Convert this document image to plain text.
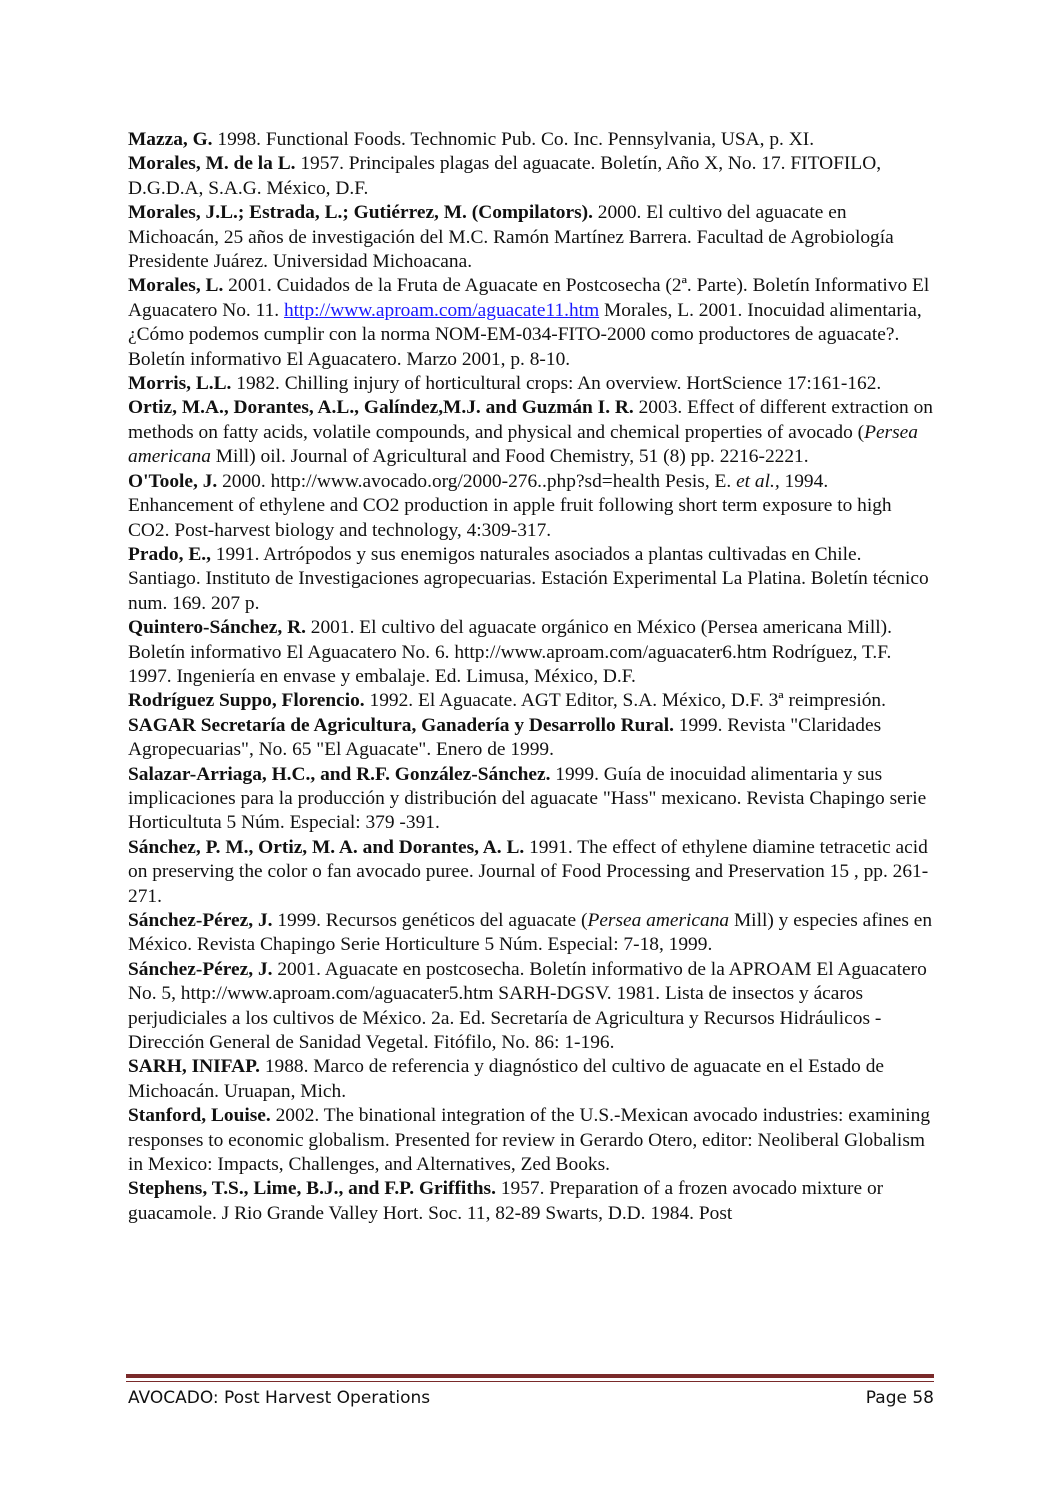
Mazza, G. 1998. Functional Foods. Technomic Pub. Co. Inc. Pennsylvania, USA, p. XI.

Morales, M. de la L. 1957. Principales plagas del aguacate. Boletín, Año X, No. 17. FITOFILO, D.G.D.A, S.A.G. México, D.F.

Morales, J.L.; Estrada, L.; Gutiérrez, M. (Compilators). 2000. El cultivo del aguacate en Michoacán, 25 años de investigación del M.C. Ramón Martínez Barrera. Facultad de Agrobiología Presidente Juárez. Universidad Michoacana.

Morales, L. 2001. Cuidados de la Fruta de Aguacate en Postcosecha (2ª. Parte). Boletín Informativo El Aguacatero No. 11. http://www.aproam.com/aguacate11.htm Morales, L. 2001. Inocuidad alimentaria, ¿Cómo podemos cumplir con la norma NOM-EM-034-FITO-2000 como productores de aguacate?. Boletín informativo El Aguacatero. Marzo 2001, p. 8-10.

Morris, L.L. 1982. Chilling injury of horticultural crops: An overview. HortScience 17:161-162.

Ortiz, M.A., Dorantes, A.L., Galíndez,M.J. and Guzmán I. R. 2003. Effect of different extraction on methods on fatty acids, volatile compounds, and physical and chemical properties of avocado (Persea americana Mill) oil. Journal of Agricultural and Food Chemistry, 51 (8) pp. 2216-2221.

O'Toole, J. 2000. http://www.avocado.org/2000-276..php?sd=health Pesis, E. et al., 1994. Enhancement of ethylene and CO2 production in apple fruit following short term exposure to high CO2. Post-harvest biology and technology, 4:309-317.

Prado, E., 1991. Artrópodos y sus enemigos naturales asociados a plantas cultivadas en Chile. Santiago. Instituto de Investigaciones agropecuarias. Estación Experimental La Platina. Boletín técnico num. 169. 207 p.

Quintero-Sánchez, R. 2001. El cultivo del aguacate orgánico en México (Persea americana Mill). Boletín informativo El Aguacatero No. 6. http://www.aproam.com/aguacater6.htm Rodríguez, T.F. 1997. Ingeniería en envase y embalaje. Ed. Limusa, México, D.F.

Rodríguez Suppo, Florencio. 1992. El Aguacate. AGT Editor, S.A. México, D.F. 3ª reimpresión.

SAGAR Secretaría de Agricultura, Ganadería y Desarrollo Rural. 1999. Revista "Claridades Agropecuarias", No. 65 "El Aguacate". Enero de 1999.

Salazar-Arriaga, H.C., and R.F. González-Sánchez. 1999. Guía de inocuidad alimentaria y sus implicaciones para la producción y distribución del aguacate "Hass" mexicano. Revista Chapingo serie Horticultuta 5 Núm. Especial: 379 -391.

Sánchez, P. M., Ortiz, M. A. and Dorantes, A. L. 1991. The effect of ethylene diamine tetracetic acid on preserving the color o fan avocado puree. Journal of Food Processing and Preservation 15 , pp. 261-271.

Sánchez-Pérez, J. 1999. Recursos genéticos del aguacate (Persea americana Mill) y especies afines en México. Revista Chapingo Serie Horticulture 5 Núm. Especial: 7-18, 1999.

Sánchez-Pérez, J. 2001. Aguacate en postcosecha. Boletín informativo de la APROAM El Aguacatero No. 5, http://www.aproam.com/aguacater5.htm SARH-DGSV. 1981. Lista de insectos y ácaros perjudiciales a los cultivos de México. 2a. Ed. Secretaría de Agricultura y Recursos Hidráulicos - Dirección General de Sanidad Vegetal. Fitófilo, No. 86: 1-196.

SARH, INIFAP. 1988. Marco de referencia y diagnóstico del cultivo de aguacate en el Estado de Michoacán. Uruapan, Mich.

Stanford, Louise. 2002. The binational integration of the U.S.-Mexican avocado industries: examining responses to economic globalism. Presented for review in Gerardo Otero, editor: Neoliberal Globalism in Mexico: Impacts, Challenges, and Alternatives, Zed Books.

Stephens, T.S., Lime, B.J., and F.P. Griffiths. 1957. Preparation of a frozen avocado mixture or guacamole. J Rio Grande Valley Hort. Soc. 11, 82-89 Swarts, D.D. 1984. Post

AVOCADO: Post Harvest Operations	Page 58
